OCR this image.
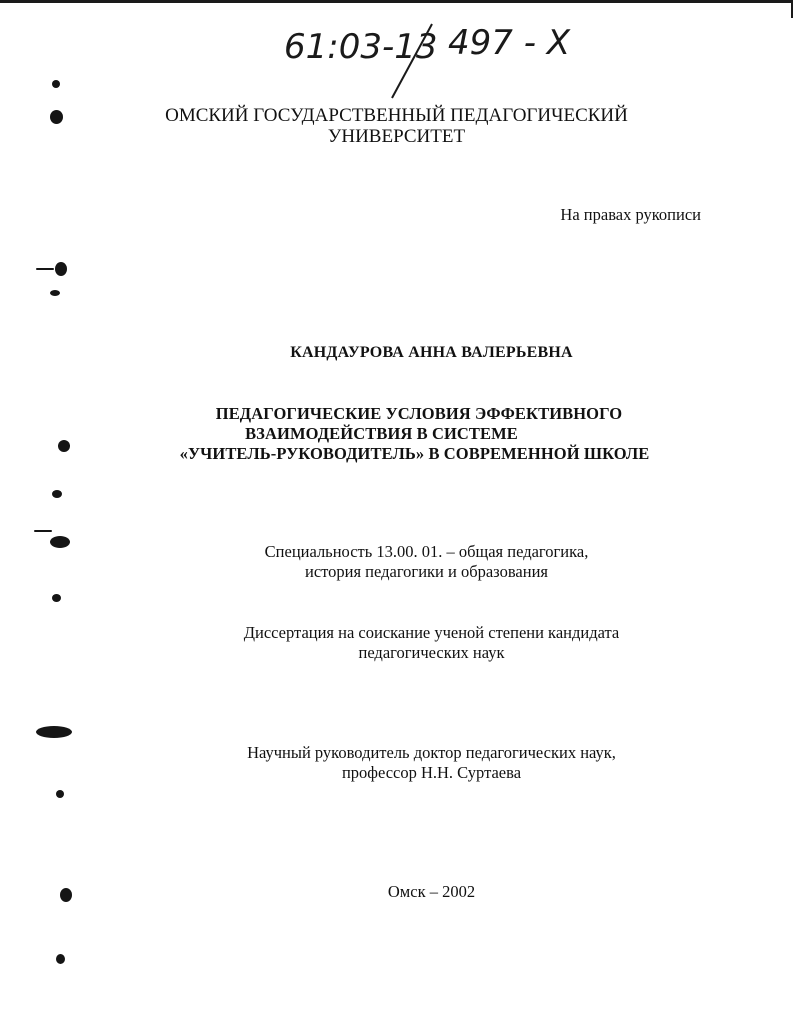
61:03-13 497 - X
ОМСКИЙ ГОСУДАРСТВЕННЫЙ ПЕДАГОГИЧЕСКИЙ
УНИВЕРСИТЕТ
На правах рукописи
КАНДАУРОВА АННА ВАЛЕРЬЕВНА
ПЕДАГОГИЧЕСКИЕ УСЛОВИЯ ЭФФЕКТИВНОГО
ВЗАИМОДЕЙСТВИЯ В СИСТЕМЕ
«УЧИТЕЛЬ-РУКОВОДИТЕЛЬ» В СОВРЕМЕННОЙ ШКОЛЕ
Специальность 13.00. 01. – общая педагогика,
история педагогики и образования
Диссертация на соискание ученой степени кандидата
педагогических наук
Научный руководитель доктор педагогических наук,
профессор Н.Н. Суртаева
Омск – 2002
